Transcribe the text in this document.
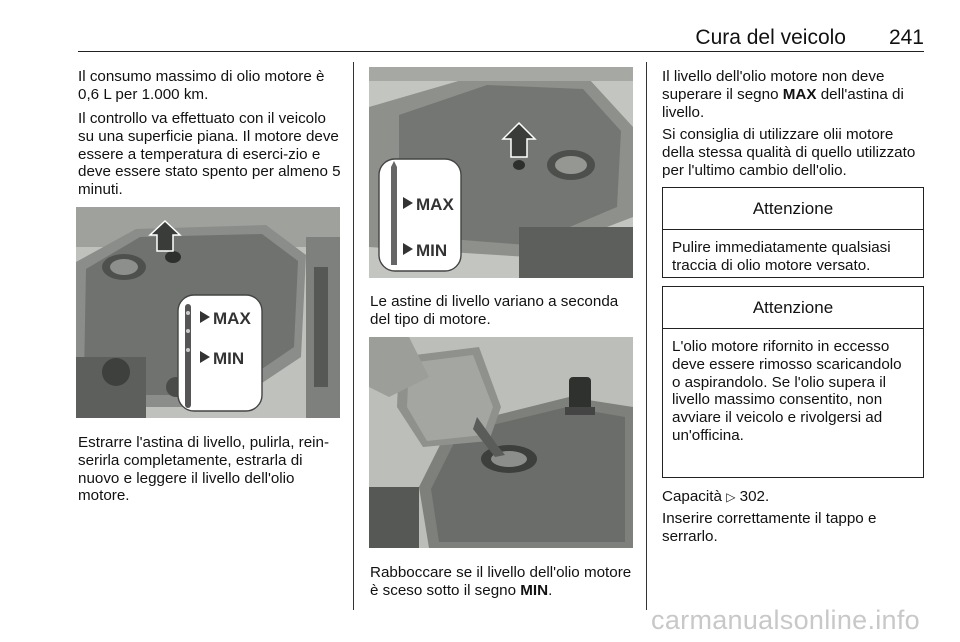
Cura del veicolo 241
Il consumo massimo di olio motore è 0,6 L per 1.000 km.
Il controllo va effettuato con il veicolo su una superficie piana. Il motore deve essere a temperatura di eserci-zio e deve essere stato spento per almeno 5 minuti.
MAX
MIN
Estrarre l'astina di livello, pulirla, rein-serirla completamente, estrarla di nuovo e leggere il livello dell'olio motore.
MAX
MIN
Le astine di livello variano a seconda del tipo di motore.
Rabboccare se il livello dell'olio motore è sceso sotto il segno MIN.
Il livello dell'olio motore non deve superare il segno MAX dell'astina di livello.
Si consiglia di utilizzare olii motore della stessa qualità di quello utilizzato per l'ultimo cambio dell'olio.
Attenzione
Pulire immediatamente qualsiasi traccia di olio motore versato.
Attenzione
L'olio motore rifornito in eccesso deve essere rimosso scaricandolo o aspirandolo. Se l'olio supera il livello massimo consentito, non avviare il veicolo e rivolgersi ad un'officina.
Capacità ▷ 302.
Inserire correttamente il tappo e serrarlo.
carmanualsonline.info
